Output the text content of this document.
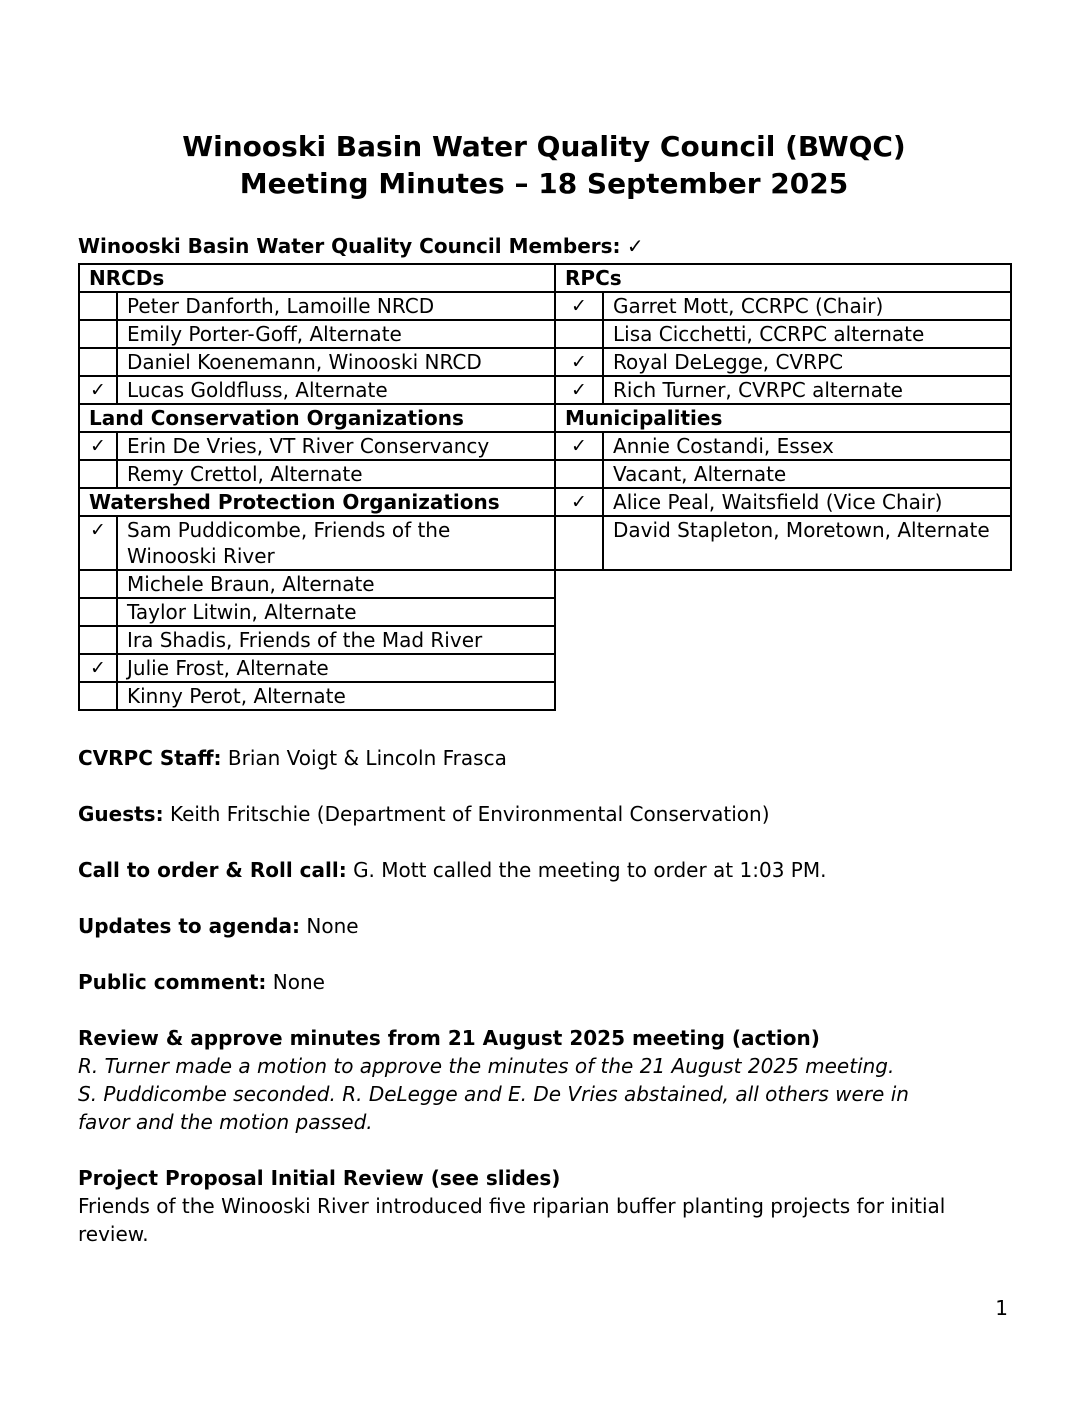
Winooski Basin Water Quality Council (BWQC)
Meeting Minutes – 18 September 2025
Winooski Basin Water Quality Council Members: ✓
NRCDs		RPCs	
	Peter Danforth, Lamoille NRCD	✓	Garret Mott, CCRPC (Chair)
	Emily Porter-Goff, Alternate		Lisa Cicchetti, CCRPC alternate
	Daniel Koenemann, Winooski NRCD	✓	Royal DeLegge, CVRPC
✓	Lucas Goldfluss, Alternate	✓	Rich Turner, CVRPC alternate
Land Conservation Organizations		Municipalities	
✓	Erin De Vries, VT River Conservancy	✓	Annie Costandi, Essex
	Remy Crettol, Alternate		Vacant, Alternate
Watershed Protection Organizations		✓	Alice Peal, Waitsfield (Vice Chair)
✓	Sam Puddicombe, Friends of the Winooski River		David Stapleton, Moretown, Alternate
	Michele Braun, Alternate		
	Taylor Litwin, Alternate		
	Ira Shadis, Friends of the Mad River		
✓	Julie Frost, Alternate		
	Kinny Perot, Alternate		

CVRPC Staff: Brian Voigt & Lincoln Frasca

Guests: Keith Fritschie (Department of Environmental Conservation)

Call to order & Roll call: G. Mott called the meeting to order at 1:03 PM.

Updates to agenda: None

Public comment: None

Review & approve minutes from 21 August 2025 meeting (action)
R. Turner made a motion to approve the minutes of the 21 August 2025 meeting.
S. Puddicombe seconded. R. DeLegge and E. De Vries abstained, all others were in
favor and the motion passed.
Project Proposal Initial Review (see slides)
Friends of the Winooski River introduced five riparian buffer planting projects for initial
review.
1
